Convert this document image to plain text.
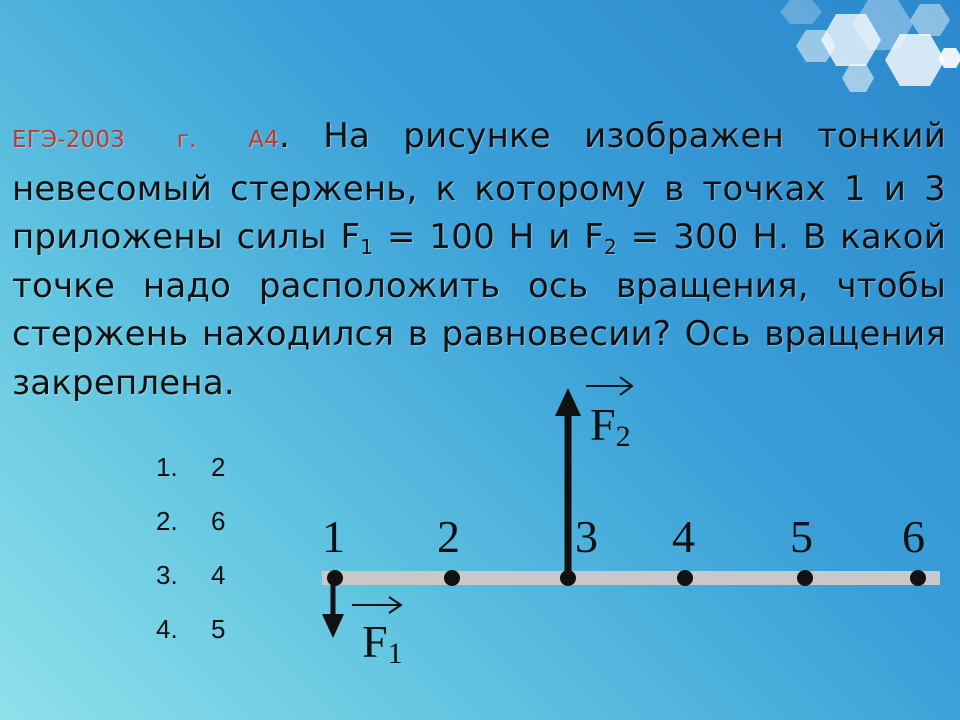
ЕГЭ-2003 г. А4. На рисунке изображен тонкий невесомый стержень, к которому в точках 1 и 3 приложены силы $F_1 = 100$ Н и $F_2 = 300$ Н. В какой точке надо расположить ось вращения, чтобы стержень находился в равновесии? Ось вращения закреплена.
1.	2
2.	6
3.	4
4.	5
1 2	3 4 5 6
F2
F1
